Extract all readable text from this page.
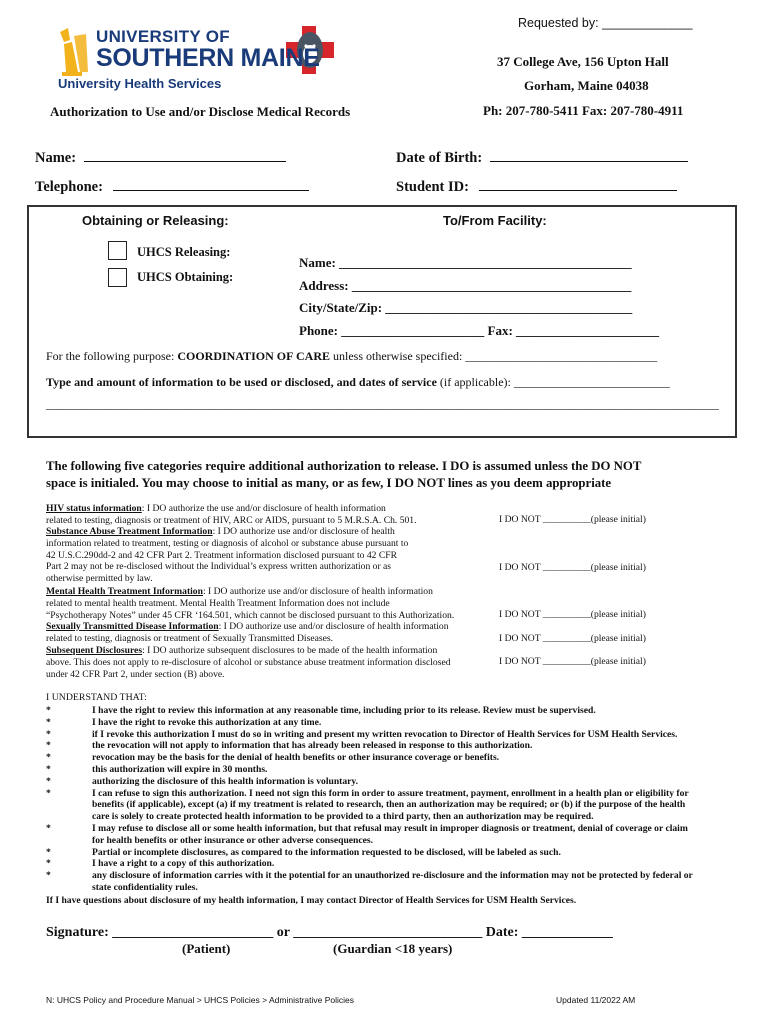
Requested by: _____________
UNIVERSITY OF
SOUTHERN MAINE
University Health Services
37 College Ave, 156 Upton Hall
Gorham, Maine 04038
Ph: 207-780-5411 Fax: 207-780-4911
Authorization to Use and/or Disclose Medical Records
Name:	Date of Birth:
Telephone:	Student ID:
Obtaining or Releasing:	To/From Facility:
UHCS Releasing:
UHCS Obtaining:
Name: _____________________________________________
Address: ___________________________________________
City/State/Zip: ______________________________________
Phone: ______________________ Fax: ______________________
For the following purpose: COORDINATION OF CARE unless otherwise specified: ________________________________
Type and amount of information to be used or disclosed, and dates of service (if applicable): __________________________
____________________________________________________________________________________________________________________
The following five categories require additional authorization to release. I DO is assumed unless the DO NOT
space is initialed. You may choose to initial as many, or as few, I DO NOT lines as you deem appropriate
HIV status information: I DO authorize the use and/or disclosure of health information
related to testing, diagnosis or treatment of HIV, ARC or AIDS, pursuant to 5 M.R.S.A. Ch. 501.	I DO NOT __________(please initial)
Substance Abuse Treatment Information: I DO authorize use and/or disclosure of health
information related to treatment, testing or diagnosis of alcohol or substance abuse pursuant to
42 U.S.C.290dd-2 and 42 CFR Part 2. Treatment information disclosed pursuant to 42 CFR
Part 2 may not be re-disclosed without the Individual’s express written authorization or as
otherwise permitted by law.
I DO NOT __________(please initial)
Mental Health Treatment Information: I DO authorize use and/or disclosure of health information
related to mental health treatment. Mental Health Treatment Information does not include
“Psychotherapy Notes” under 45 CFR ‘164.501, which cannot be disclosed pursuant to this Authorization.	I DO NOT __________(please initial)
Sexually Transmitted Disease Information: I DO authorize use and/or disclosure of health information
related to testing, diagnosis or treatment of Sexually Transmitted Diseases.	I DO NOT __________(please initial)
Subsequent Disclosures: I DO authorize subsequent disclosures to be made of the health information
above. This does not apply to re-disclosure of alcohol or substance abuse treatment information disclosed
under 42 CFR Part 2, under section (B) above.
I DO NOT __________(please initial)
I UNDERSTAND THAT:
*	I have the right to review this information at any reasonable time, including prior to its release. Review must be supervised.
*	I have the right to revoke this authorization at any time.
*	if I revoke this authorization I must do so in writing and present my written revocation to Director of Health Services for USM Health Services.
*	the revocation will not apply to information that has already been released in response to this authorization.
*	revocation may be the basis for the denial of health benefits or other insurance coverage or benefits.
*	this authorization will expire in 30 months.
*	authorizing the disclosure of this health information is voluntary.
*	I can refuse to sign this authorization. I need not sign this form in order to assure treatment, payment, enrollment in a health plan or eligibility for
benefits (if applicable), except (a) if my treatment is related to research, then an authorization may be required; or (b) if the purpose of the health
care is solely to create protected health information to be provided to a third party, then an authorization may be required.
*	I may refuse to disclose all or some health information, but that refusal may result in improper diagnosis or treatment, denial of coverage or claim
for health benefits or other insurance or other adverse consequences.
*	Partial or incomplete disclosures, as compared to the information requested to be disclosed, will be labeled as such.
*	I have a right to a copy of this authorization.
*	any disclosure of information carries with it the potential for an unauthorized re-disclosure and the information may not be protected by federal or
state confidentiality rules.
If I have questions about disclosure of my health information, I may contact Director of Health Services for USM Health Services.
Signature: _______________________ or ___________________________ Date: _____________
(Patient)	(Guardian <18 years)
N: UHCS Policy and Procedure Manual > UHCS Policies > Administrative Policies	Updated 11/2022 AM
